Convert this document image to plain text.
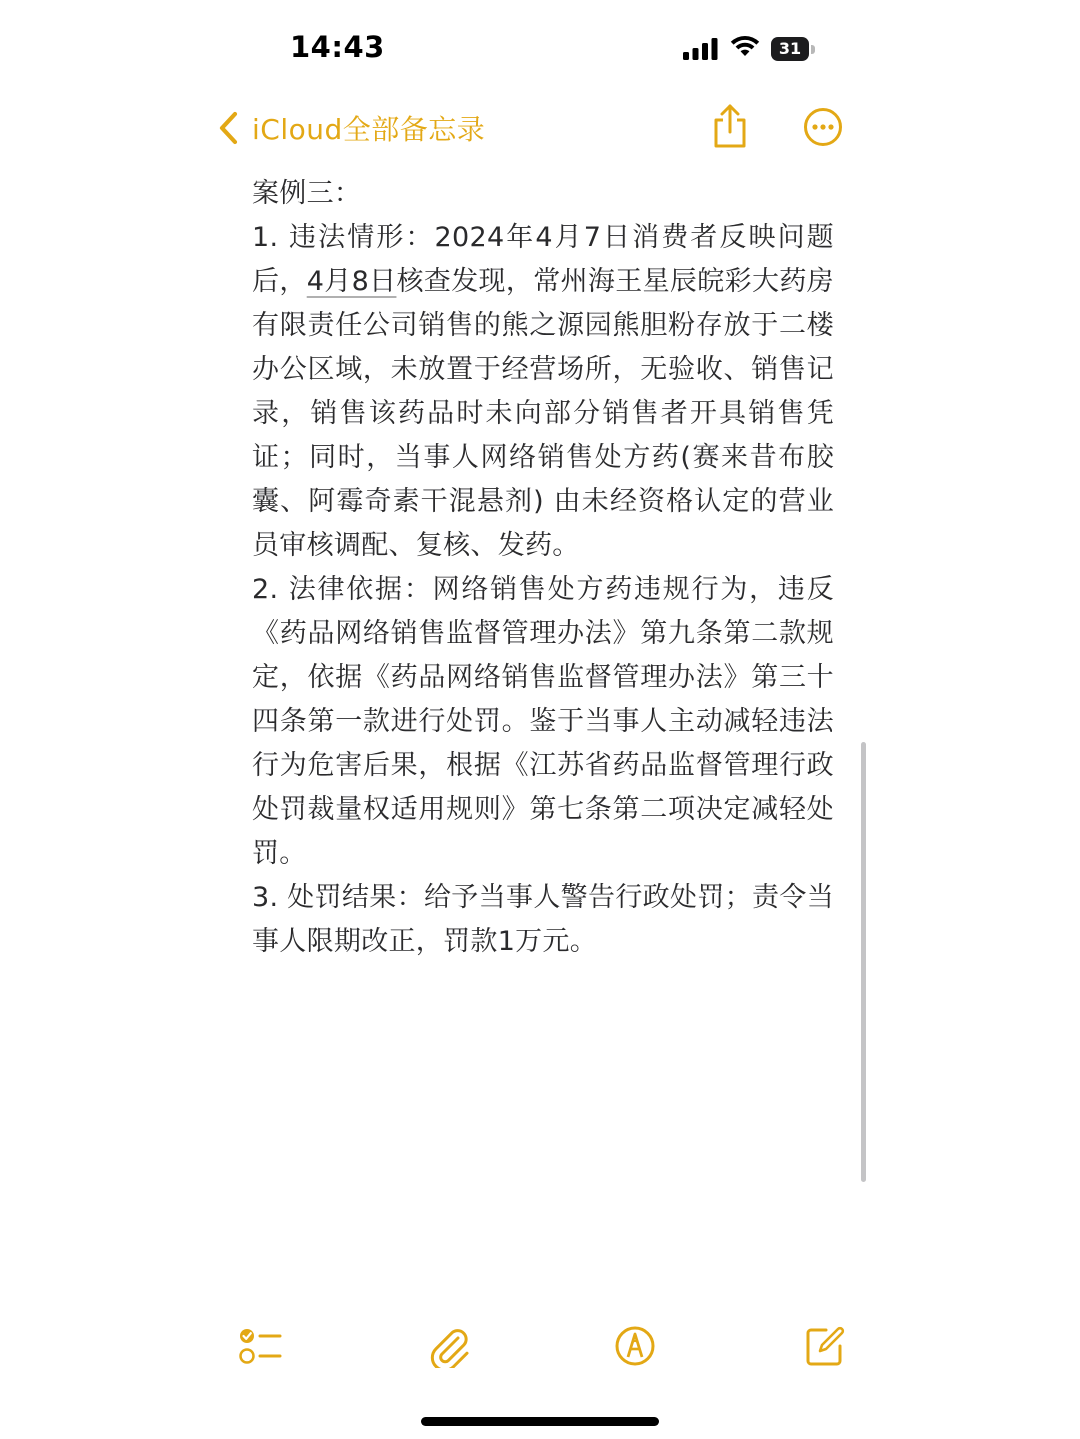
14:43	31
iCloud全部备忘录

案例三：

1. 违法情形：2024年4月7日消费者反映问题后，4月8日核查发现，常州海王星辰皖彩大药房有限责任公司销售的熊之源园熊胆粉存放于二楼办公区域，未放置于经营场所，无验收、销售记录，销售该药品时未向部分销售者开具销售凭证；同时，当事人网络销售处方药(赛来昔布胶囊、阿霉奇素干混悬剂) 由未经资格认定的营业员审核调配、复核、发药。

2. 法律依据：网络销售处方药违规行为，违反《药品网络销售监督管理办法》第九条第二款规定，依据《药品网络销售监督管理办法》第三十四条第一款进行处罚。鉴于当事人主动减轻违法行为危害后果，根据《江苏省药品监督管理行政处罚裁量权适用规则》第七条第二项决定减轻处罚。

3. 处罚结果：给予当事人警告行政处罚；责令当事人限期改正，罚款1万元。
